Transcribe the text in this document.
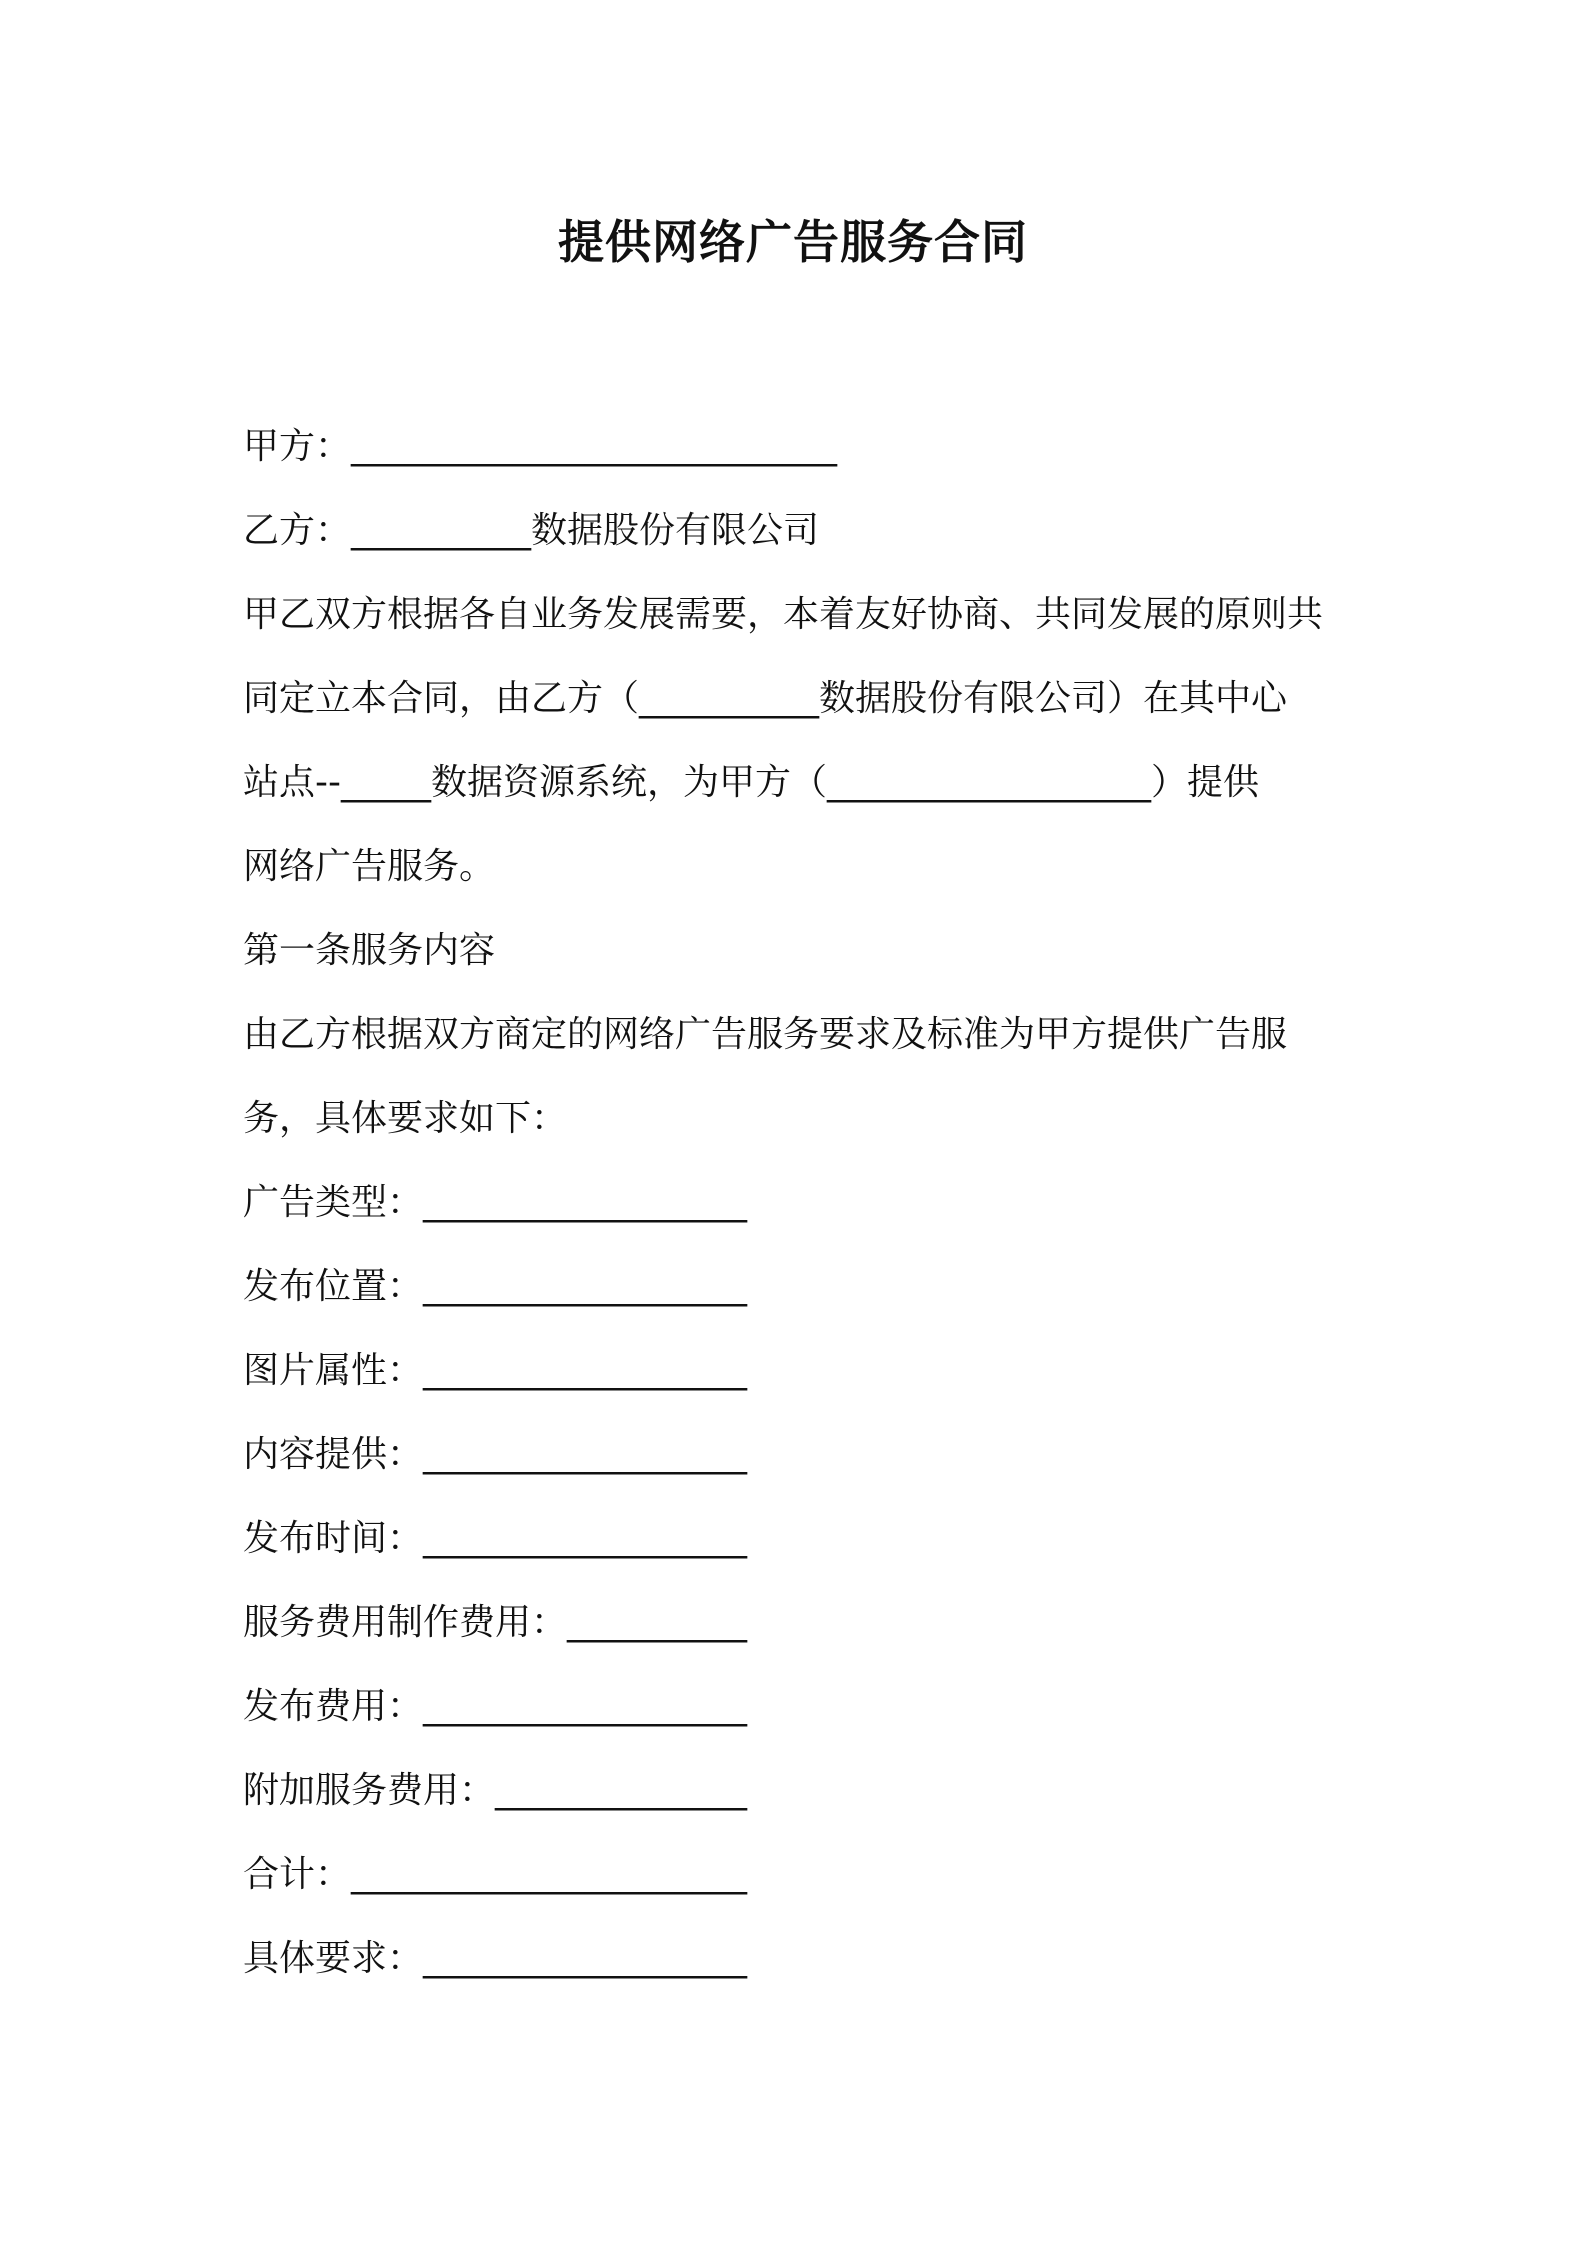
提供网络广告服务合同
甲方：___________________________
乙方：__________数据股份有限公司
甲乙双方根据各自业务发展需要，本着友好协商、共同发展的原则共
同定立本合同，由乙方（__________数据股份有限公司）在其中心
站点--_____数据资源系统，为甲方（__________________）提供
网络广告服务。
第一条服务内容
由乙方根据双方商定的网络广告服务要求及标准为甲方提供广告服
务，具体要求如下：
广告类型：__________________
发布位置：__________________
图片属性：__________________
内容提供：__________________
发布时间：__________________
服务费用制作费用：__________
发布费用：__________________
附加服务费用：______________
合计：______________________
具体要求：__________________
